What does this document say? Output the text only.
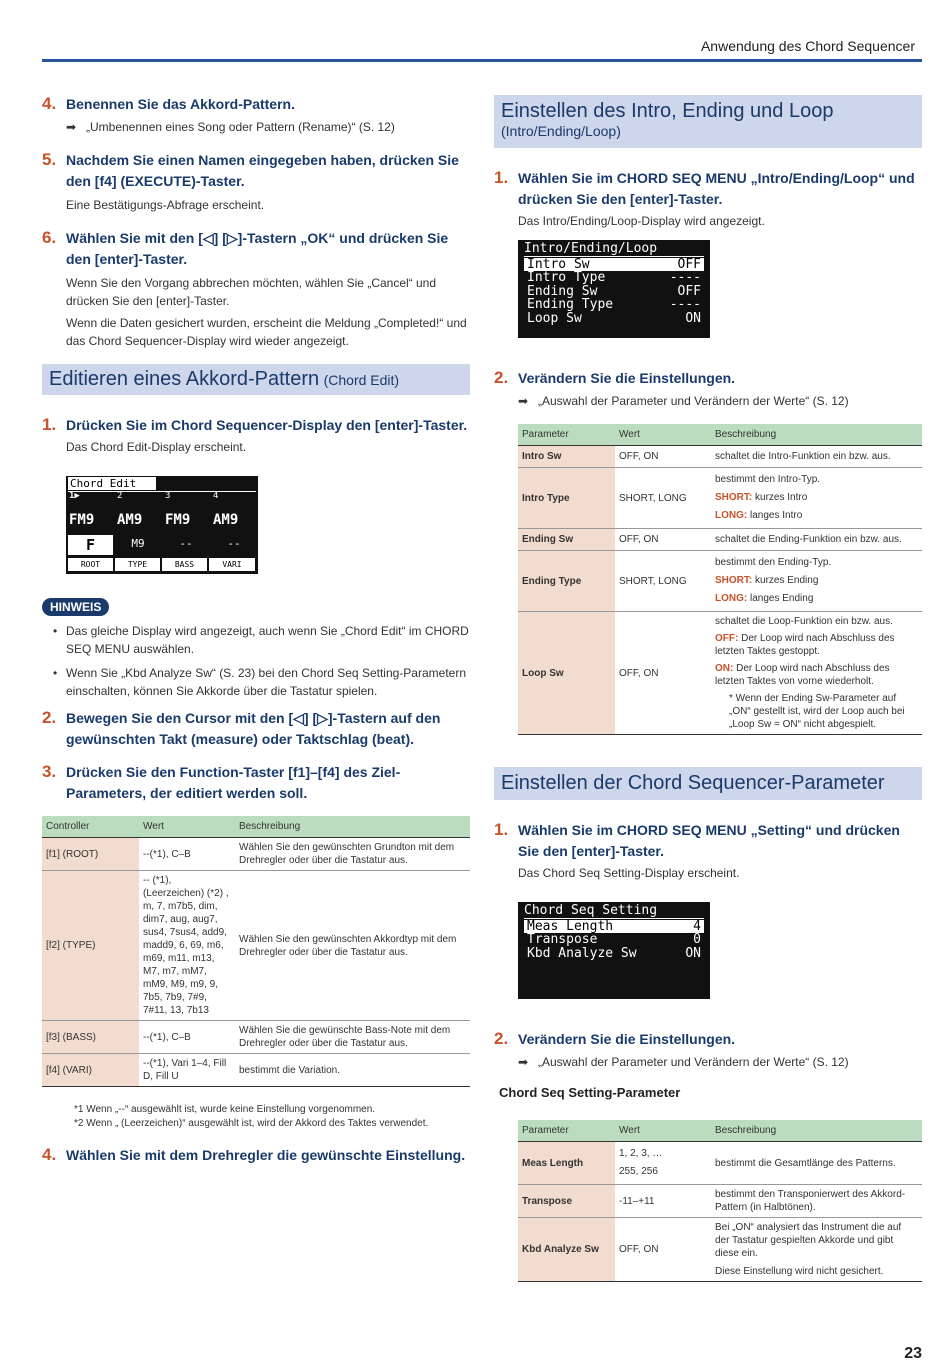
Anwendung des Chord Sequencer
4. Benennen Sie das Akkord-Pattern.
➡ „Umbenennen eines Song oder Pattern (Rename)“ (S. 12)
5. Nachdem Sie einen Namen eingegeben haben, drücken Sie den [f4] (EXECUTE)-Taster.
Eine Bestätigungs-Abfrage erscheint.
6. Wählen Sie mit den [◁] [▷]-Tastern „OK“ und drücken Sie den [enter]-Taster.
Wenn Sie den Vorgang abbrechen möchten, wählen Sie „Cancel“ und drücken Sie den [enter]-Taster.
Wenn die Daten gesichert wurden, erscheint die Meldung „Completed!“ und das Chord Sequencer-Display wird wieder angezeigt.
Editieren eines Akkord-Pattern (Chord Edit)
1. Drücken Sie im Chord Sequencer-Display den [enter]-Taster.
Das Chord Edit-Display erscheint.
Chord Edit
1▶	2	3	4
FM9 AM9 FM9 AM9
F	M9	--	--
ROOT	TYPE	BASS	VARI
HINWEIS
• Das gleiche Display wird angezeigt, auch wenn Sie „Chord Edit“ im CHORD SEQ MENU auswählen.
• Wenn Sie „Kbd Analyze Sw“ (S. 23) bei den Chord Seq Setting-Parametern einschalten, können Sie Akkorde über die Tastatur spielen.
2. Bewegen Sie den Cursor mit den [◁] [▷]-Tastern auf den gewünschten Takt (measure) oder Taktschlag (beat).
3. Drücken Sie den Function-Taster [f1]–[f4] des Ziel-Parameters, der editiert werden soll.
Controller	Wert	Beschreibung
[f1] (ROOT)	--(*1), C–B	Wählen Sie den gewünschten Grundton mit dem Drehregler oder über die Tastatur aus.
[f2] (TYPE)	-- (*1), (Leerzeichen) (*2) , m, 7, m7b5, dim, dim7, aug, aug7, sus4, 7sus4, add9, madd9, 6, 69, m6, m69, m11, m13, M7, m7, mM7, mM9, M9, m9, 9, 7b5, 7b9, 7#9, 7#11, 13, 7b13	Wählen Sie den gewünschten Akkordtyp mit dem Drehregler oder über die Tastatur aus.
[f3] (BASS)	--(*1), C–B	Wählen Sie die gewünschte Bass-Note mit dem Drehregler oder über die Tastatur aus.
[f4] (VARI)	--(*1), Vari 1–4, Fill D, Fill U	bestimmt die Variation.
*1 Wenn „--“ ausgewählt ist, wurde keine Einstellung vorgenommen.
*2 Wenn „ (Leerzeichen)“ ausgewählt ist, wird der Akkord des Taktes verwendet.
4. Wählen Sie mit dem Drehregler die gewünschte Einstellung.
Einstellen des Intro, Ending und Loop
(Intro/Ending/Loop)
1. Wählen Sie im CHORD SEQ MENU „Intro/Ending/Loop“ und drücken Sie den [enter]-Taster.
Das Intro/Ending/Loop-Display wird angezeigt.
Intro/Ending/Loop
Intro Sw	OFF
Intro Type	----
Ending Sw	OFF
Ending Type	----
Loop Sw	ON
2. Verändern Sie die Einstellungen.
➡ „Auswahl der Parameter und Verändern der Werte“ (S. 12)
Parameter	Wert	Beschreibung
Intro Sw	OFF, ON	schaltet die Intro-Funktion ein bzw. aus.
Intro Type	SHORT, LONG	bestimmt den Intro-Typ.
SHORT: kurzes Intro
LONG: langes Intro

Ending Sw	OFF, ON	schaltet die Ending-Funktion ein bzw. aus.
Ending Type	SHORT, LONG	bestimmt den Ending-Typ.
SHORT: kurzes Ending
LONG: langes Ending

Loop Sw	OFF, ON	schaltet die Loop-Funktion ein bzw. aus.
OFF: Der Loop wird nach Abschluss des letzten Taktes gestoppt.
ON: Der Loop wird nach Abschluss des letzten Taktes von vorne wiederholt.
* Wenn der Ending Sw-Parameter auf „ON“ gestellt ist, wird der Loop auch bei „Loop Sw = ON“ nicht abgespielt.
Einstellen der Chord Sequencer-Parameter
1. Wählen Sie im CHORD SEQ MENU „Setting“ und drücken Sie den [enter]-Taster.
Das Chord Seq Setting-Display erscheint.
Chord Seq Setting
Meas Length	4
Transpose	0
Kbd Analyze Sw	ON
2. Verändern Sie die Einstellungen.
➡ „Auswahl der Parameter und Verändern der Werte“ (S. 12)
Chord Seq Setting-Parameter
Parameter	Wert	Beschreibung
Meas Length	1, 2, 3, …
255, 256	bestimmt die Gesamtlänge des Patterns.
Transpose	-11–+11	bestimmt den Transponierwert des Akkord-Pattern (in Halbtönen).
Kbd Analyze Sw	OFF, ON	Bei „ON“ analysiert das Instrument die auf der Tastatur gespielten Akkorde und gibt diese ein.
Diese Einstellung wird nicht gesichert.
23
